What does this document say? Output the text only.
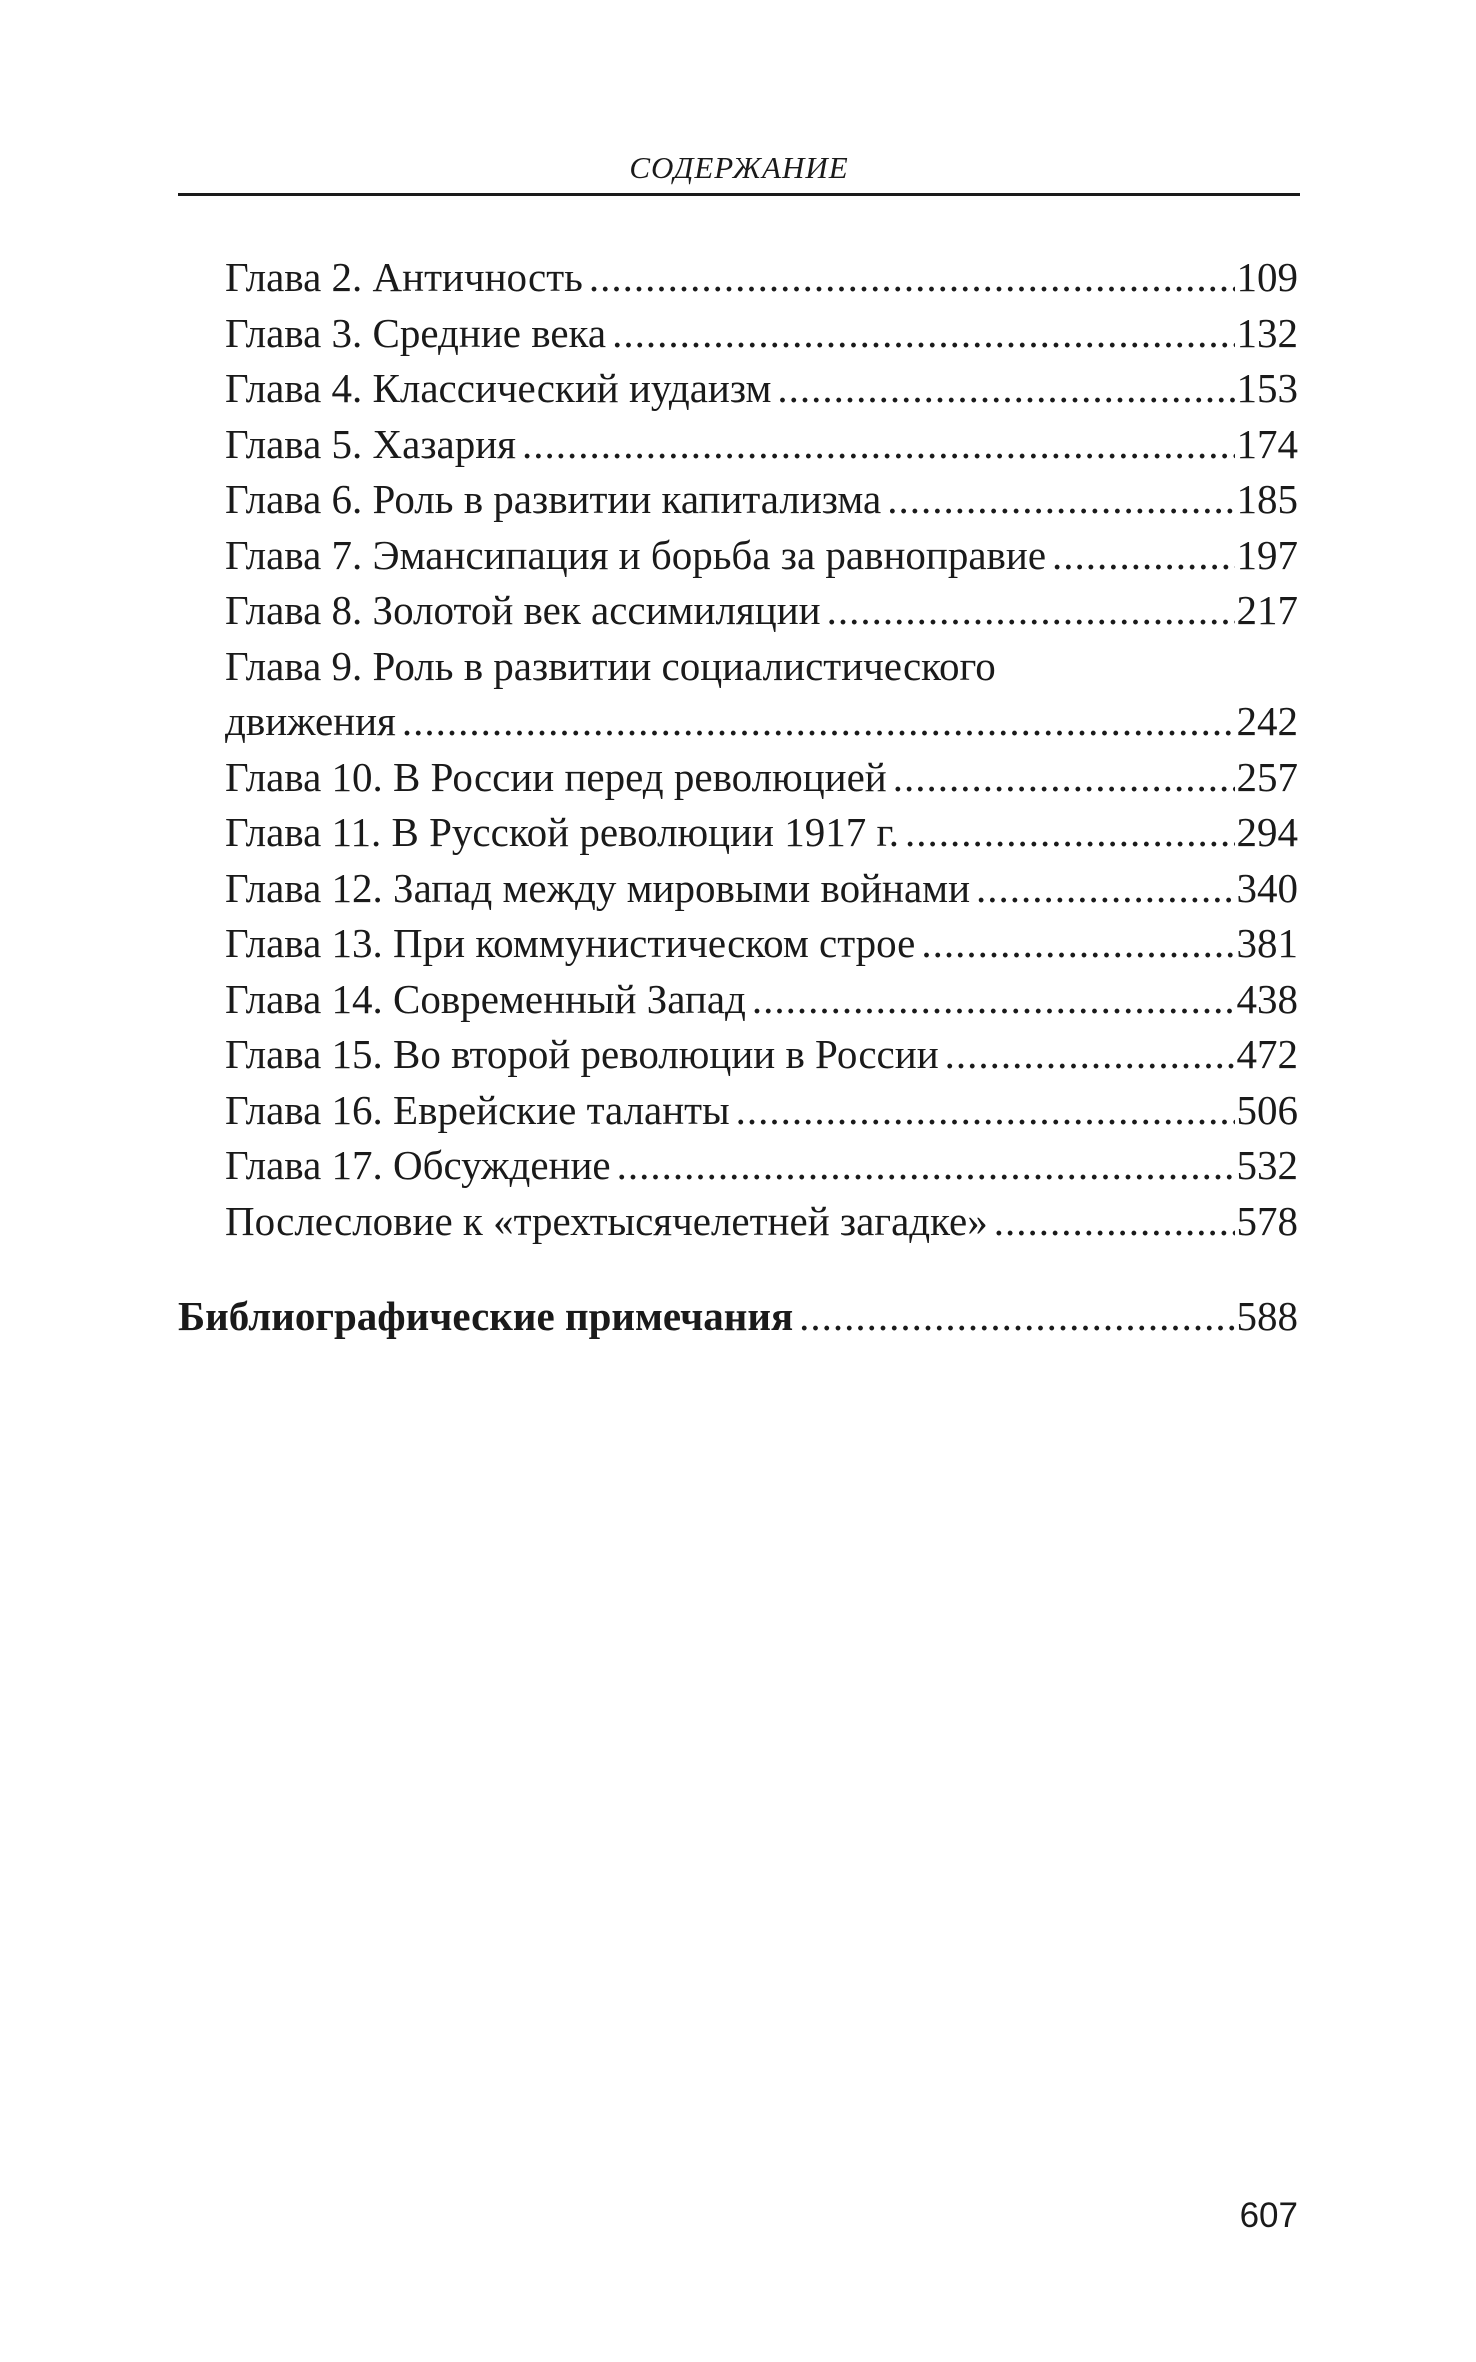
СОДЕРЖАНИЕ
Глава 2. Античность .....	109
Глава 3. Средние века .....	132
Глава 4. Классический иудаизм .....	153
Глава 5. Хазария .....	174
Глава 6. Роль в развитии капитализма .....	185
Глава 7. Эмансипация и борьба за равноправие .....	197
Глава 8. Золотой век ассимиляции .....	217
Глава 9. Роль в развитии социалистического
движения .....	242
Глава 10. В России перед революцией .....	257
Глава 11. В Русской революции 1917 г. .....	294
Глава 12. Запад между мировыми войнами .....	340
Глава 13. При коммунистическом строе .....	381
Глава 14. Современный Запад .....	438
Глава 15. Во второй революции в России .....	472
Глава 16. Еврейские таланты .....	506
Глава 17. Обсуждение .....	532
Послесловие к «трехтысячелетней загадке» .....	578
Библиографические примечания .....	588
607
